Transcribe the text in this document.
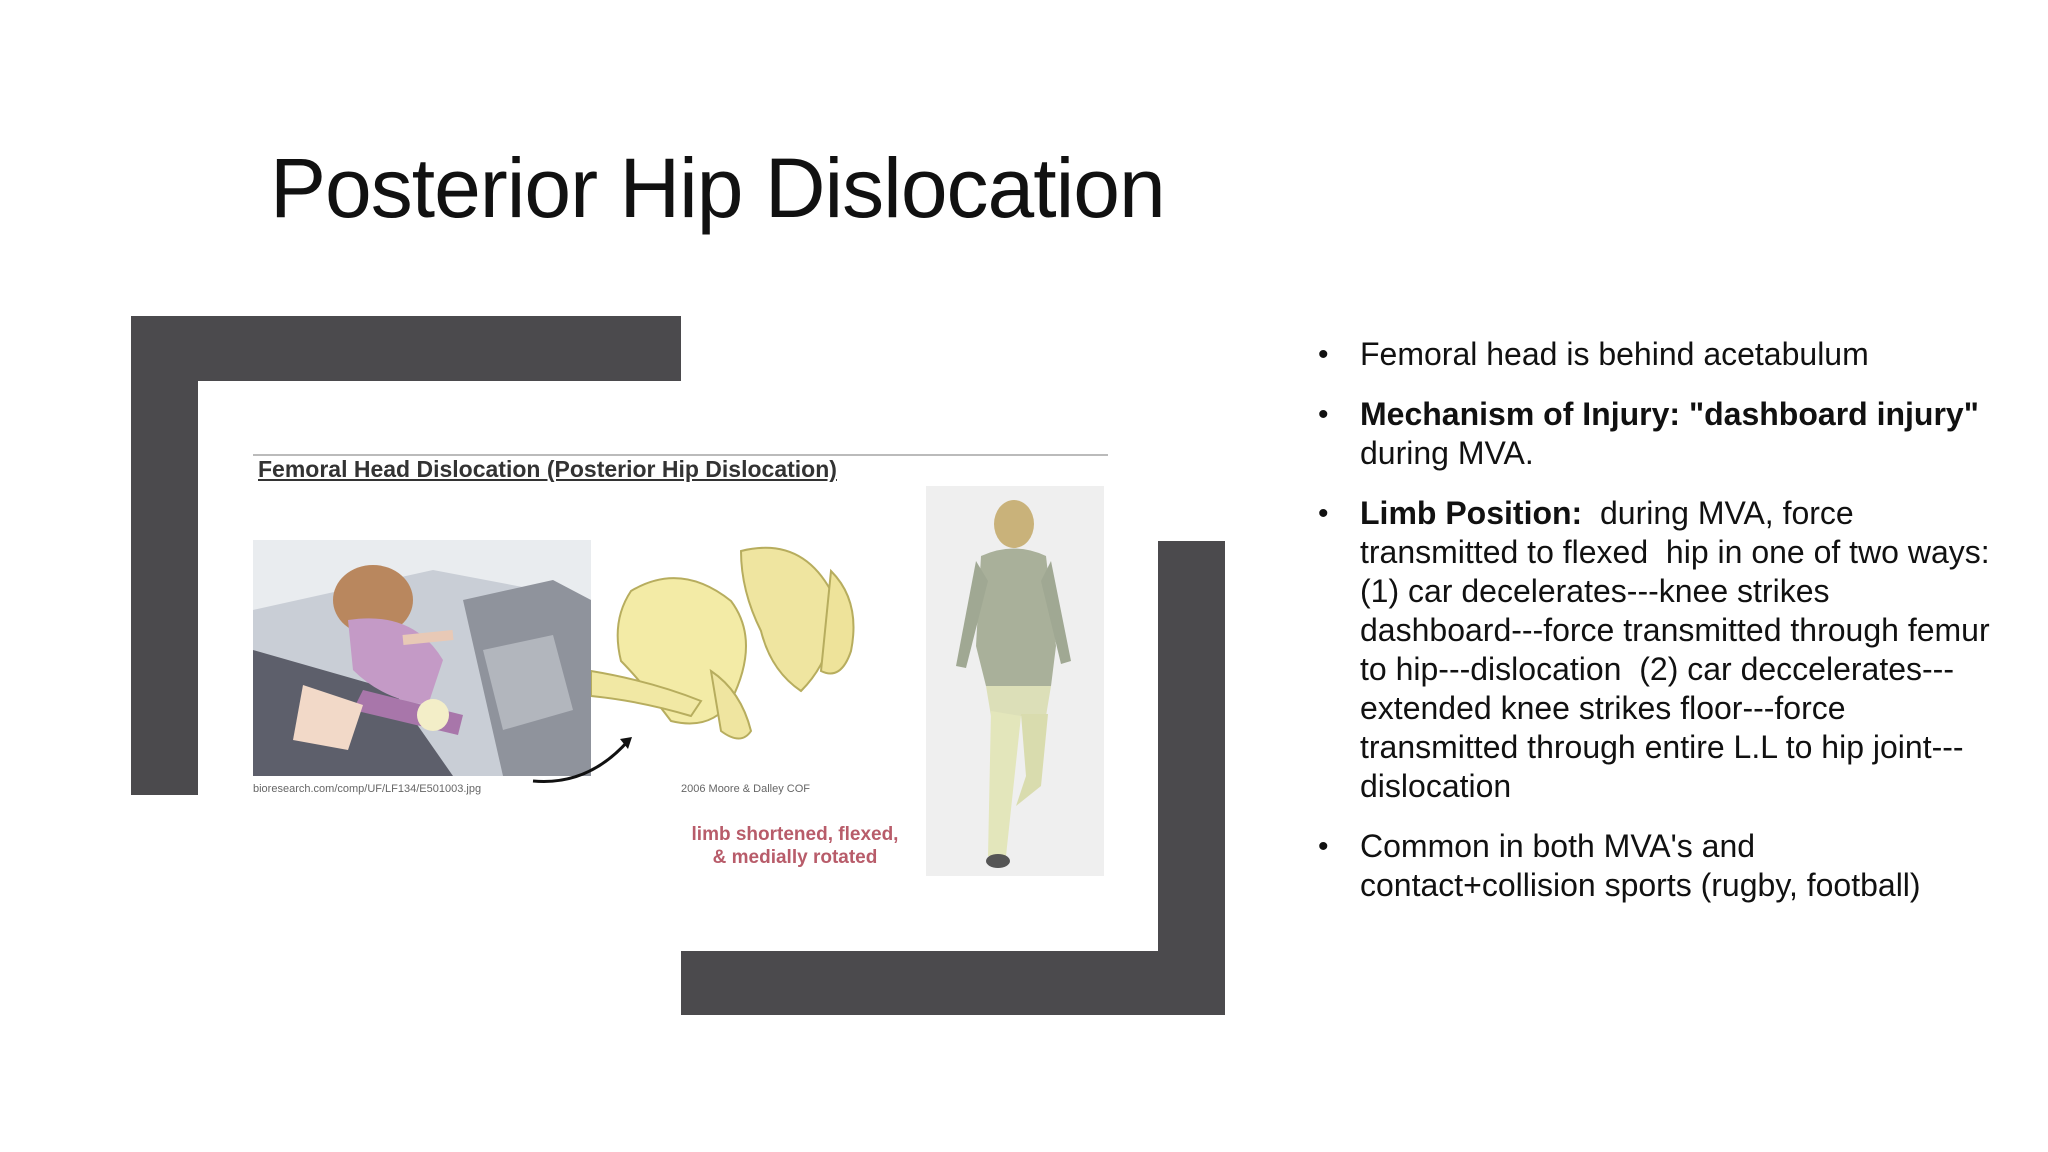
Posterior Hip Dislocation
Femoral Head Dislocation (Posterior Hip Dislocation)
bioresearch.com/comp/UF/LF134/E501003.jpg	2006 Moore & Dalley COF
limb shortened, flexed,
& medially rotated
• Femoral head is behind acetabulum
• Mechanism of Injury: "dashboard injury" during MVA.
• Limb Position:  during MVA, force transmitted to flexed  hip in one of two ways: (1) car decelerates---knee strikes dashboard---force transmitted through femur to hip---dislocation  (2) car deccelerates---extended knee strikes floor---force transmitted through entire L.L to hip joint---dislocation
• Common in both MVA's and contact+collision sports (rugby, football)
